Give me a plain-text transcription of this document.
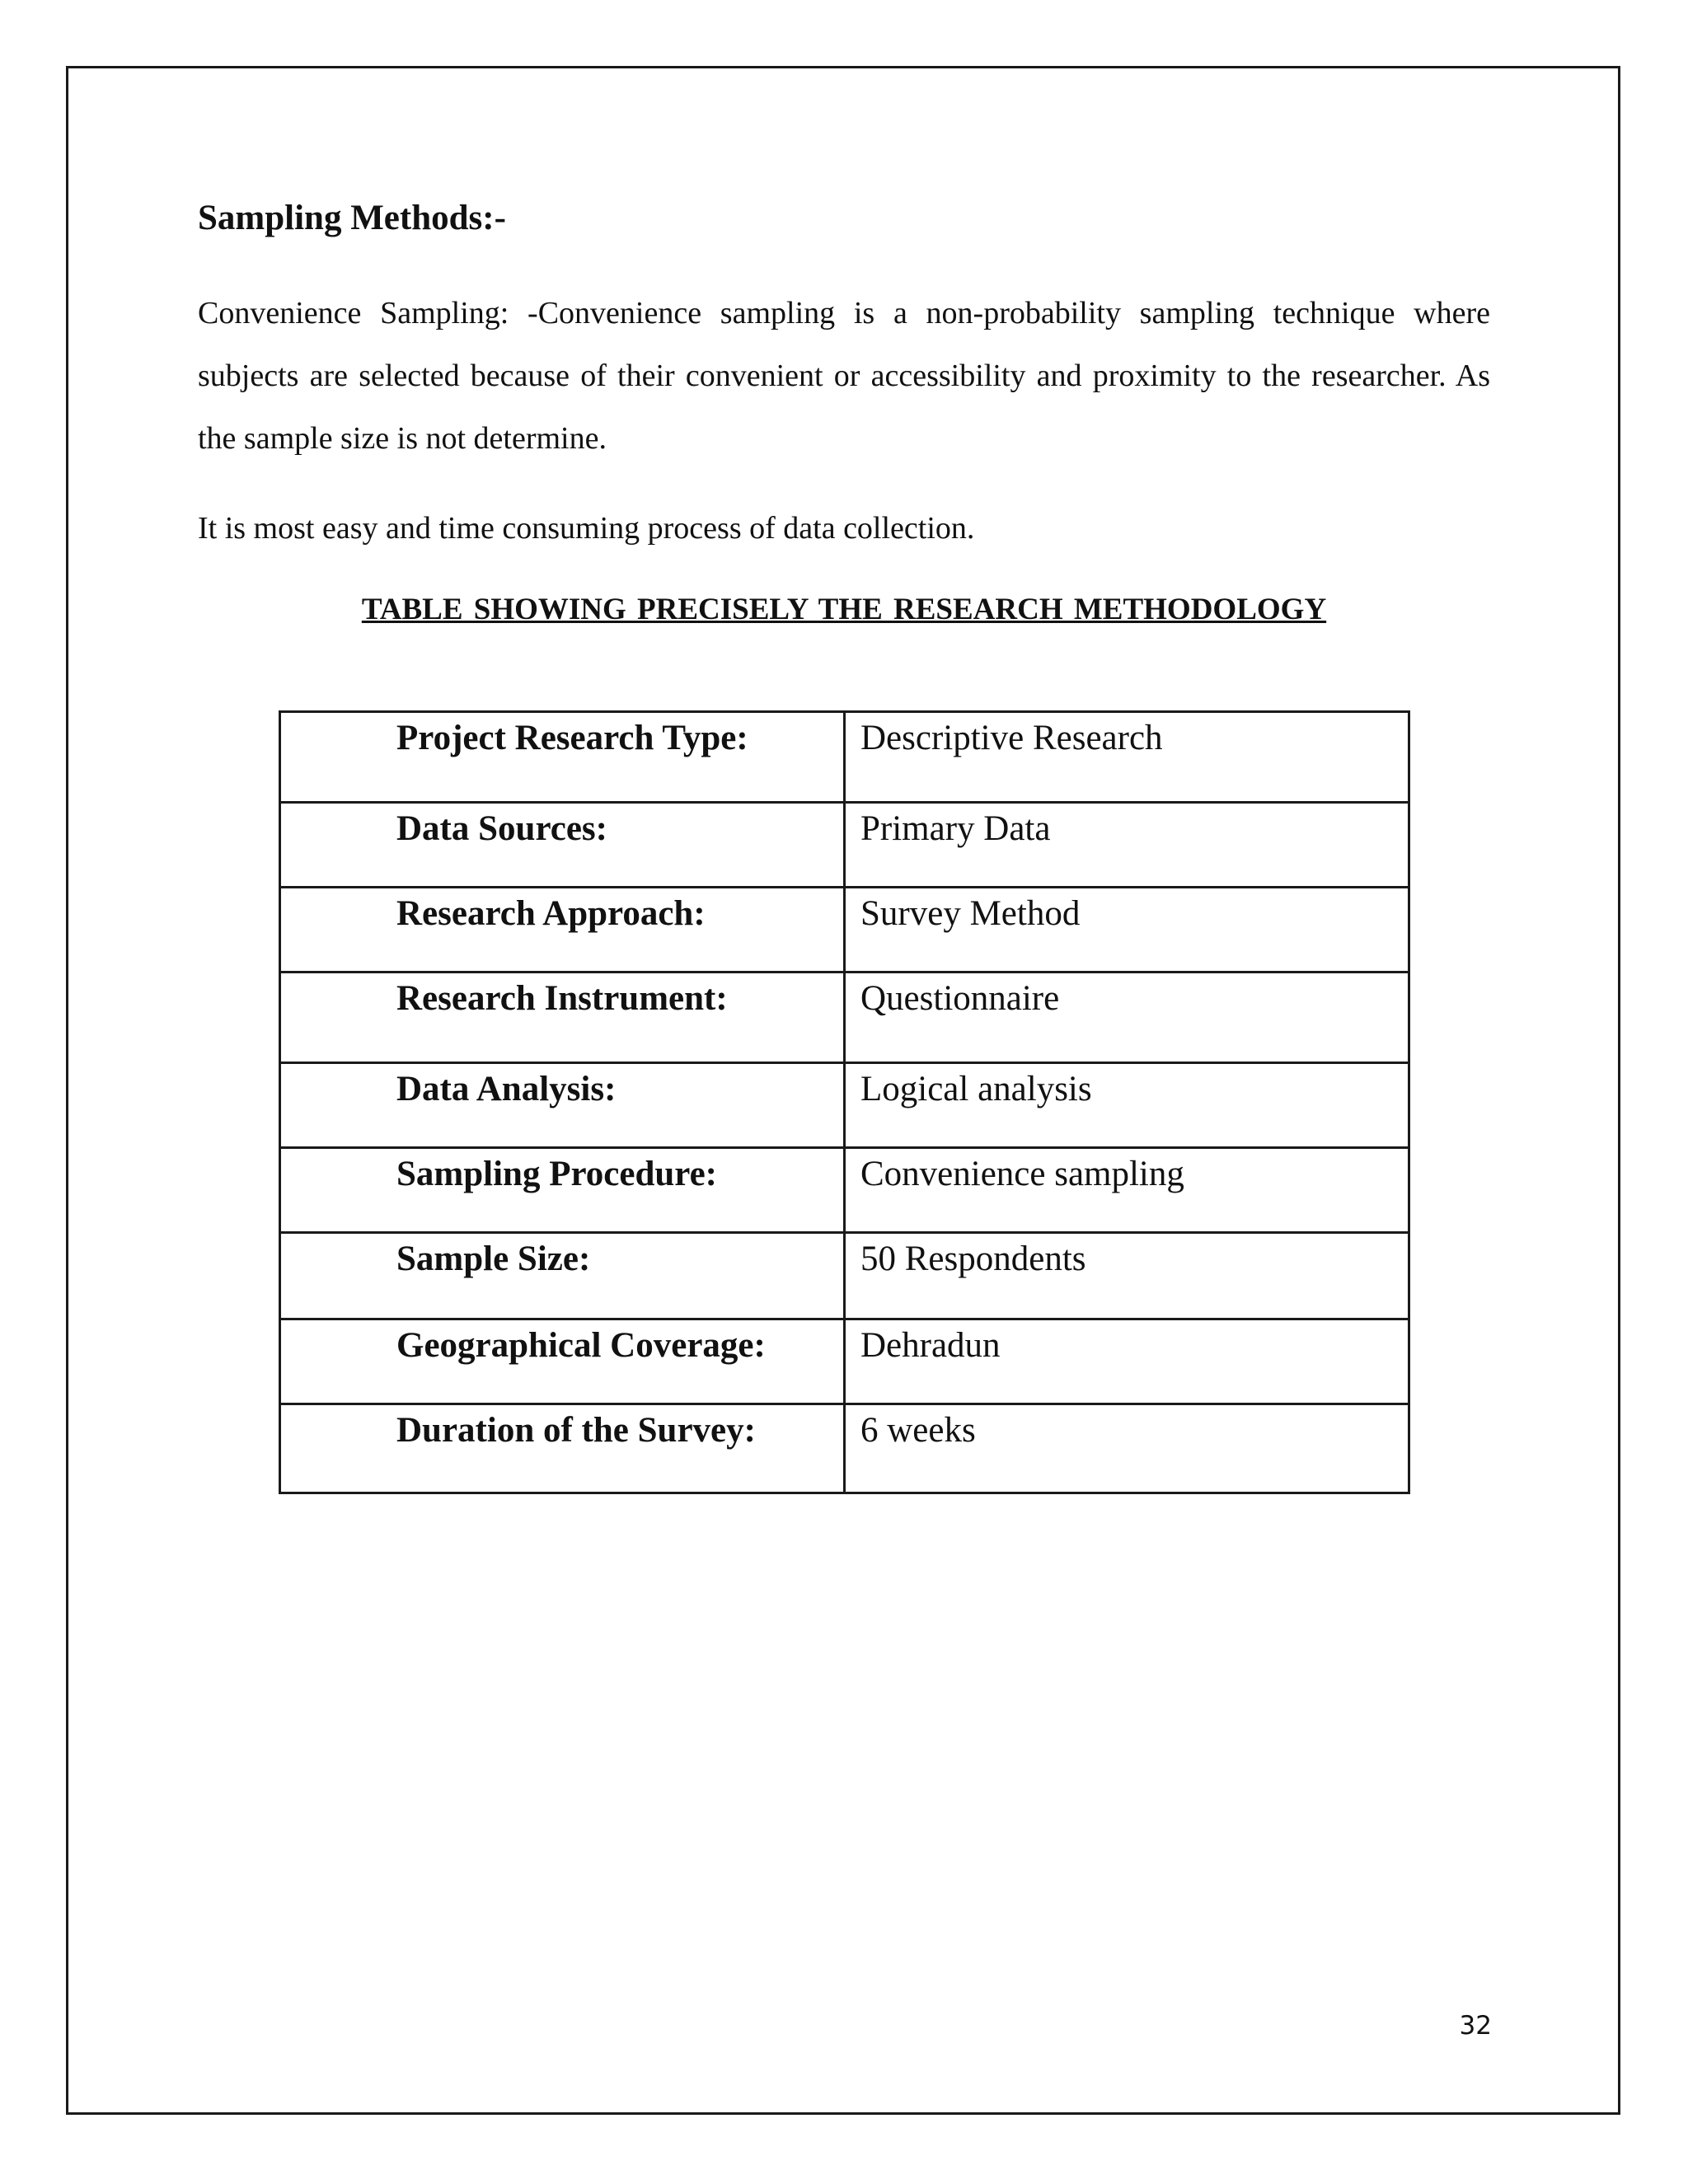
Sampling Methods:-

Convenience Sampling: -Convenience sampling is a non-probability sampling technique where subjects are selected because of their convenient or accessibility and proximity to the researcher. As the sample size is not determine.

It is most easy and time consuming process of data collection.

TABLE SHOWING PRECISELY THE RESEARCH METHODOLOGY

Project Research Type:	Descriptive Research

Data Sources:	Primary Data

Research Approach:	Survey Method

Research Instrument:	Questionnaire

Data Analysis:	Logical analysis

Sampling Procedure:	Convenience sampling

Sample Size:	50 Respondents

Geographical Coverage:	Dehradun

Duration of the Survey:	6 weeks

32
